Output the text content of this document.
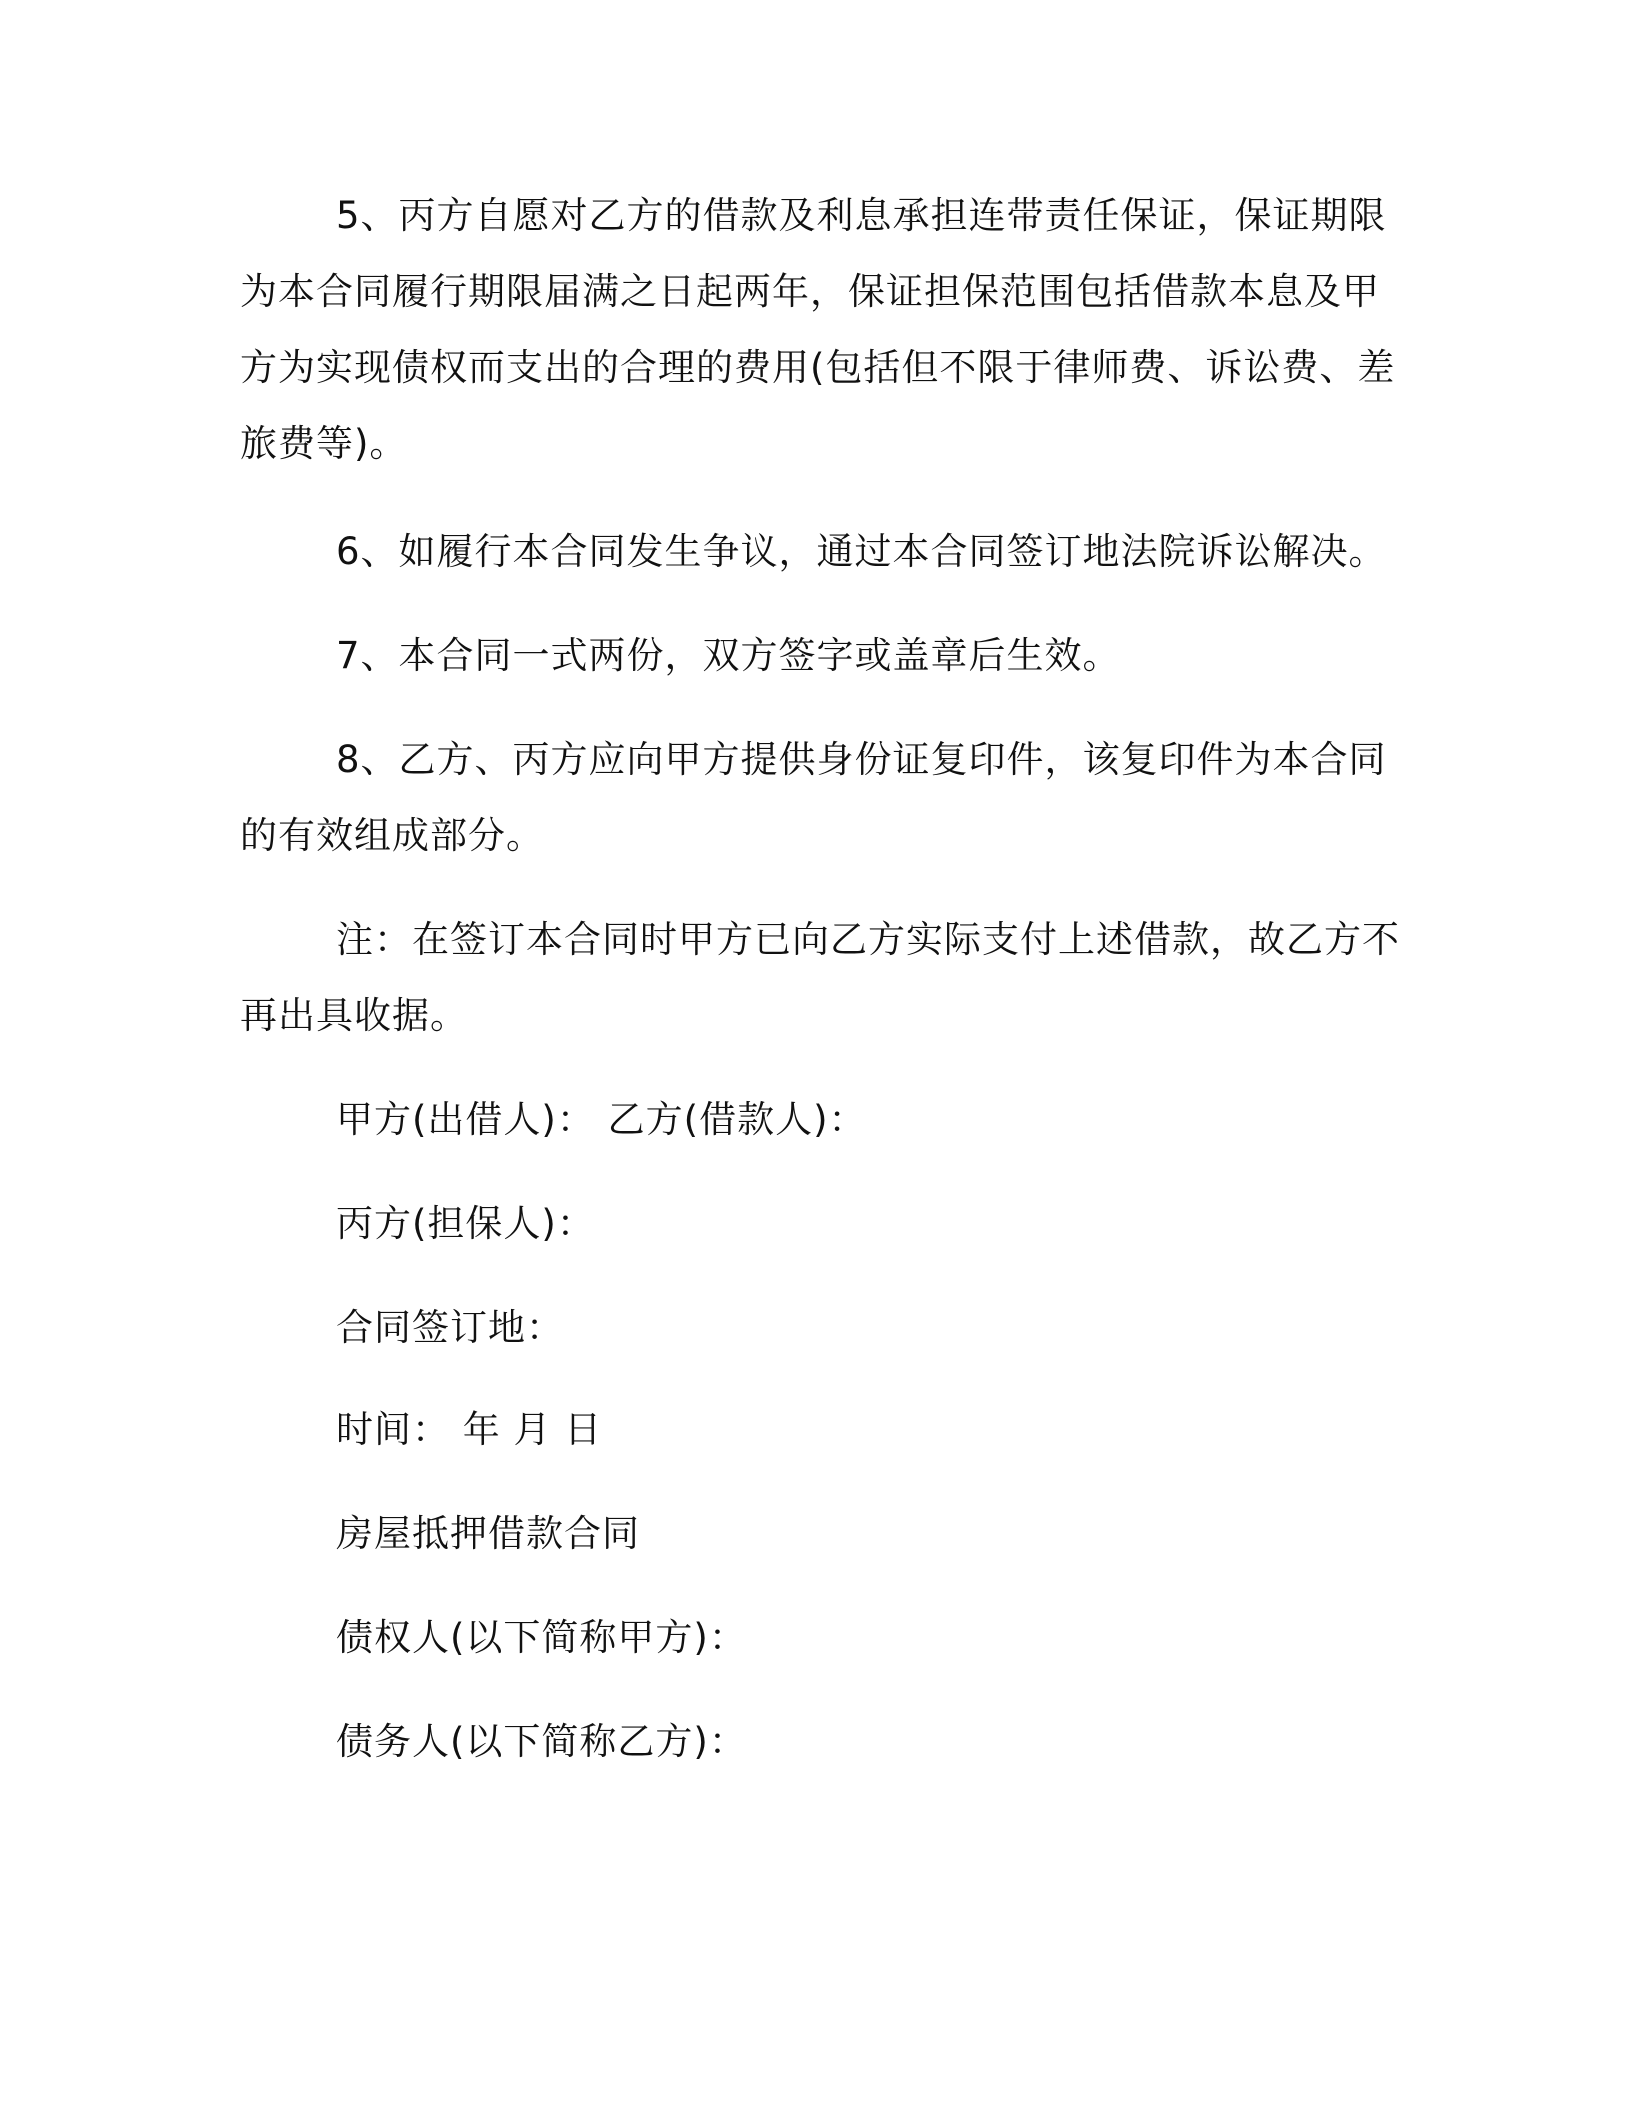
5、丙方自愿对乙方的借款及利息承担连带责任保证，保证期限
为本合同履行期限届满之日起两年，保证担保范围包括借款本息及甲
方为实现债权而支出的合理的费用(包括但不限于律师费、诉讼费、差
旅费等)。
6、如履行本合同发生争议，通过本合同签订地法院诉讼解决。
7、本合同一式两份，双方签字或盖章后生效。
8、乙方、丙方应向甲方提供身份证复印件，该复印件为本合同
的有效组成部分。
注：在签订本合同时甲方已向乙方实际支付上述借款，故乙方不
再出具收据。
甲方(出借人)： 乙方(借款人)：
丙方(担保人)：
合同签订地：
时间： 年 月 日
房屋抵押借款合同
债权人(以下简称甲方)：
债务人(以下简称乙方)：
